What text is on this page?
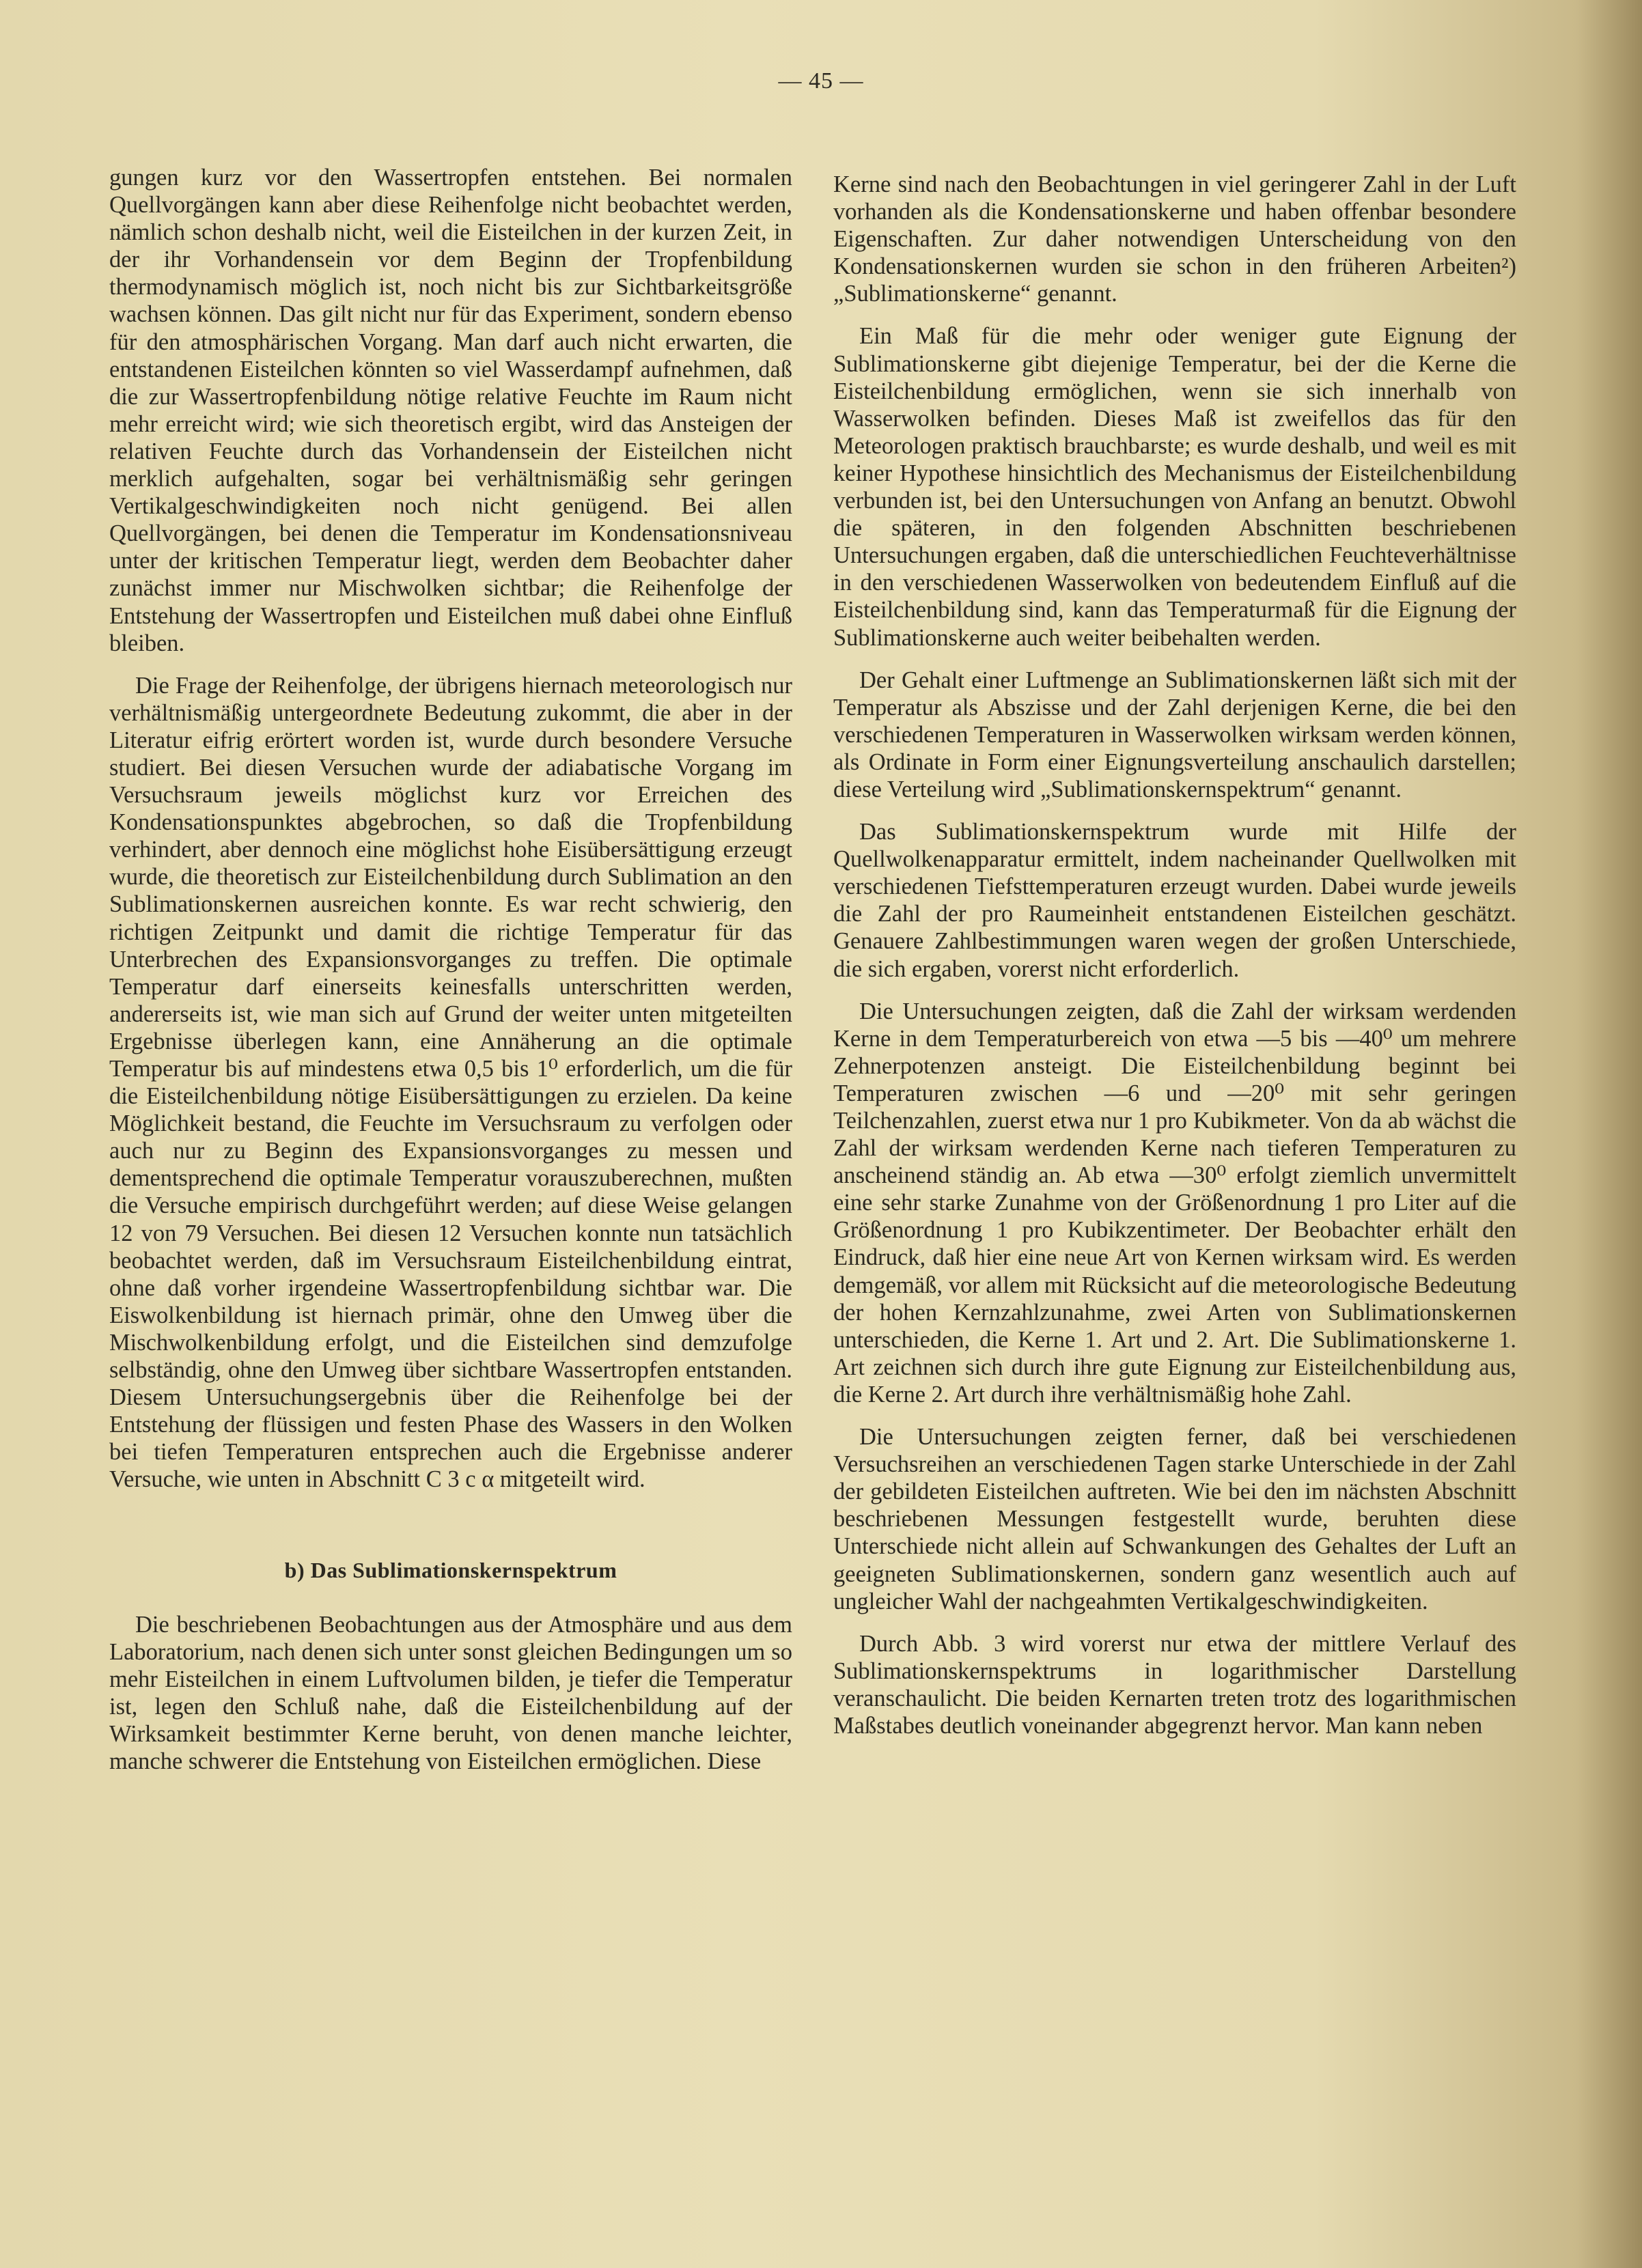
— 45 —

gungen kurz vor den Wassertropfen entstehen. Bei normalen Quellvorgängen kann aber diese Reihenfolge nicht beobachtet werden, nämlich schon deshalb nicht, weil die Eisteilchen in der kurzen Zeit, in der ihr Vorhandensein vor dem Beginn der Tropfenbildung thermodynamisch möglich ist, noch nicht bis zur Sichtbarkeitsgröße wachsen können. Das gilt nicht nur für das Experiment, sondern ebenso für den atmosphärischen Vorgang. Man darf auch nicht erwarten, die entstandenen Eisteilchen könnten so viel Wasserdampf aufnehmen, daß die zur Wassertropfenbildung nötige relative Feuchte im Raum nicht mehr erreicht wird; wie sich theoretisch ergibt, wird das Ansteigen der relativen Feuchte durch das Vorhandensein der Eisteilchen nicht merklich aufgehalten, sogar bei verhältnismäßig sehr geringen Vertikalgeschwindigkeiten noch nicht genügend. Bei allen Quellvorgängen, bei denen die Temperatur im Kondensationsniveau unter der kritischen Temperatur liegt, werden dem Beobachter daher zunächst immer nur Mischwolken sichtbar; die Reihenfolge der Entstehung der Wassertropfen und Eisteilchen muß dabei ohne Einfluß bleiben.

Die Frage der Reihenfolge, der übrigens hiernach meteorologisch nur verhältnismäßig untergeordnete Bedeutung zukommt, die aber in der Literatur eifrig erörtert worden ist, wurde durch besondere Versuche studiert. Bei diesen Versuchen wurde der adiabatische Vorgang im Versuchsraum jeweils möglichst kurz vor Erreichen des Kondensationspunktes abgebrochen, so daß die Tropfenbildung verhindert, aber dennoch eine möglichst hohe Eisübersättigung erzeugt wurde, die theoretisch zur Eisteilchenbildung durch Sublimation an den Sublimationskernen ausreichen konnte. Es war recht schwierig, den richtigen Zeitpunkt und damit die richtige Temperatur für das Unterbrechen des Expansionsvorganges zu treffen. Die optimale Temperatur darf einerseits keinesfalls unterschritten werden, andererseits ist, wie man sich auf Grund der weiter unten mitgeteilten Ergebnisse überlegen kann, eine Annäherung an die optimale Temperatur bis auf mindestens etwa 0,5 bis 1⁰ erforderlich, um die für die Eisteilchenbildung nötige Eisübersättigungen zu erzielen. Da keine Möglichkeit bestand, die Feuchte im Versuchsraum zu verfolgen oder auch nur zu Beginn des Expansionsvorganges zu messen und dementsprechend die optimale Temperatur vorauszuberechnen, mußten die Versuche empirisch durchgeführt werden; auf diese Weise gelangen 12 von 79 Versuchen. Bei diesen 12 Versuchen konnte nun tatsächlich beobachtet werden, daß im Versuchsraum Eisteilchenbildung eintrat, ohne daß vorher irgendeine Wassertropfenbildung sichtbar war. Die Eiswolkenbildung ist hiernach primär, ohne den Umweg über die Mischwolkenbildung erfolgt, und die Eisteilchen sind demzufolge selbständig, ohne den Umweg über sichtbare Wassertropfen entstanden. Diesem Untersuchungsergebnis über die Reihenfolge bei der Entstehung der flüssigen und festen Phase des Wassers in den Wolken bei tiefen Temperaturen entsprechen auch die Ergebnisse anderer Versuche, wie unten in Abschnitt C 3 c α mitgeteilt wird.

b) Das Sublimationskernspektrum

Die beschriebenen Beobachtungen aus der Atmosphäre und aus dem Laboratorium, nach denen sich unter sonst gleichen Bedingungen um so mehr Eisteilchen in einem Luftvolumen bilden, je tiefer die Temperatur ist, legen den Schluß nahe, daß die Eisteilchenbildung auf der Wirksamkeit bestimmter Kerne beruht, von denen manche leichter, manche schwerer die Entstehung von Eisteilchen ermöglichen. Diese

Kerne sind nach den Beobachtungen in viel geringerer Zahl in der Luft vorhanden als die Kondensationskerne und haben offenbar besondere Eigenschaften. Zur daher notwendigen Unterscheidung von den Kondensationskernen wurden sie schon in den früheren Arbeiten²) „Sublimationskerne“ genannt.

Ein Maß für die mehr oder weniger gute Eignung der Sublimationskerne gibt diejenige Temperatur, bei der die Kerne die Eisteilchenbildung ermöglichen, wenn sie sich innerhalb von Wasserwolken befinden. Dieses Maß ist zweifellos das für den Meteorologen praktisch brauchbarste; es wurde deshalb, und weil es mit keiner Hypothese hinsichtlich des Mechanismus der Eisteilchenbildung verbunden ist, bei den Untersuchungen von Anfang an benutzt. Obwohl die späteren, in den folgenden Abschnitten beschriebenen Untersuchungen ergaben, daß die unterschiedlichen Feuchteverhältnisse in den verschiedenen Wasserwolken von bedeutendem Einfluß auf die Eisteilchenbildung sind, kann das Temperaturmaß für die Eignung der Sublimationskerne auch weiter beibehalten werden.

Der Gehalt einer Luftmenge an Sublimationskernen läßt sich mit der Temperatur als Abszisse und der Zahl derjenigen Kerne, die bei den verschiedenen Temperaturen in Wasserwolken wirksam werden können, als Ordinate in Form einer Eignungsverteilung anschaulich darstellen; diese Verteilung wird „Sublimationskernspektrum“ genannt.

Das Sublimationskernspektrum wurde mit Hilfe der Quellwolkenapparatur ermittelt, indem nacheinander Quellwolken mit verschiedenen Tiefsttemperaturen erzeugt wurden. Dabei wurde jeweils die Zahl der pro Raumeinheit entstandenen Eisteilchen geschätzt. Genauere Zahlbestimmungen waren wegen der großen Unterschiede, die sich ergaben, vorerst nicht erforderlich.

Die Untersuchungen zeigten, daß die Zahl der wirksam werdenden Kerne in dem Temperaturbereich von etwa —5 bis —40⁰ um mehrere Zehnerpotenzen ansteigt. Die Eisteilchenbildung beginnt bei Temperaturen zwischen —6 und —20⁰ mit sehr geringen Teilchenzahlen, zuerst etwa nur 1 pro Kubikmeter. Von da ab wächst die Zahl der wirksam werdenden Kerne nach tieferen Temperaturen zu anscheinend ständig an. Ab etwa —30⁰ erfolgt ziemlich unvermittelt eine sehr starke Zunahme von der Größenordnung 1 pro Liter auf die Größenordnung 1 pro Kubikzentimeter. Der Beobachter erhält den Eindruck, daß hier eine neue Art von Kernen wirksam wird. Es werden demgemäß, vor allem mit Rücksicht auf die meteorologische Bedeutung der hohen Kernzahlzunahme, zwei Arten von Sublimationskernen unterschieden, die Kerne 1. Art und 2. Art. Die Sublimationskerne 1. Art zeichnen sich durch ihre gute Eignung zur Eisteilchenbildung aus, die Kerne 2. Art durch ihre verhältnismäßig hohe Zahl.

Die Untersuchungen zeigten ferner, daß bei verschiedenen Versuchsreihen an verschiedenen Tagen starke Unterschiede in der Zahl der gebildeten Eisteilchen auftreten. Wie bei den im nächsten Abschnitt beschriebenen Messungen festgestellt wurde, beruhten diese Unterschiede nicht allein auf Schwankungen des Gehaltes der Luft an geeigneten Sublimationskernen, sondern ganz wesentlich auch auf ungleicher Wahl der nachgeahmten Vertikalgeschwindigkeiten.

Durch Abb. 3 wird vorerst nur etwa der mittlere Verlauf des Sublimationskernspektrums in logarithmischer Darstellung veranschaulicht. Die beiden Kernarten treten trotz des logarithmischen Maßstabes deutlich voneinander abgegrenzt hervor. Man kann neben
